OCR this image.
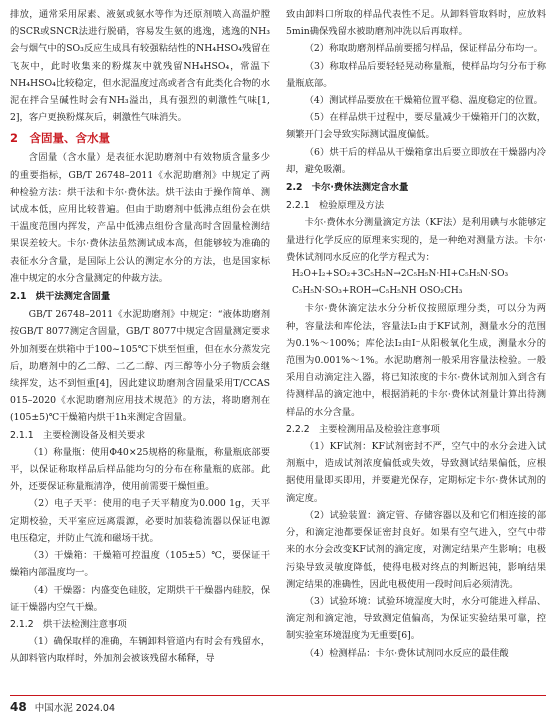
排放，通常采用尿素、液氨或氨水等作为还原剂喷入高温炉膛的SCR或SNCR法进行脱硝，容易发生氨的逃逸，逃逸的NH₃会与烟气中的SO₃反应生成具有较强粘结性的NH₄HSO₄残留在飞灰中，此时收集来的粉煤灰中就残留NH₄HSO₄，常温下NH₄HSO₄比较稳定，但水泥温度过高或者含有此类化合物的水泥在拌合呈碱性时会有NH₃溢出，具有强烈的刺激性气味[1, 2]，客户更换粉煤灰后，刺激性气味消失。

2　含固量、含水量

含固量（含水量）是表征水泥助磨剂中有效物质含量多少的重要指标，GB/T 26748–2011《水泥助磨剂》中规定了两种检验方法：烘干法和卡尔·费休法。烘干法由于操作简单、测试成本低，应用比较普遍。但由于助磨剂中低沸点组份会在烘干温度范围内挥发，产品中低沸点组份含量高时含固量检测结果误差较大。卡尔·费休法虽然测试成本高，但能够较为准确的表征水分含量，是国际上公认的测定水分的方法，也是国家标准中规定的水分含量测定的仲裁方法。

2.1　烘干法测定含固量

GB/T 26748–2011《水泥助磨剂》中规定：“液体助磨剂按GB/T 8077测定含固量，GB/T 8077中规定含固量测定要求外加剂要在烘箱中于100~105℃下烘至恒重，但在水分蒸发完后，助磨剂中的乙二醇、二乙二醇、丙三醇等小分子物质会继续挥发，达不到恒重[4]，因此建议助磨剂含固量采用T/CCAS 015–2020《水泥助磨剂应用技术规范》的方法，将助磨剂在(105±5)℃干燥箱内烘干1h来测定含固量。

2.1.1　主要检测设备及相关要求

（1）称量瓶：使用Φ40×25规格的称量瓶，称量瓶底部要平，以保证称取样品后样品能均匀的分布在称量瓶的底部。此外，还要保证称量瓶清净，使用前需要干燥恒重。

（2）电子天平：使用的电子天平精度为0.000 1g，天平定期校验，天平室应远离震源，必要时加装稳流器以保证电源电压稳定，并防止气流和磁场干扰。

（3）干燥箱：干燥箱可控温度（105±5）℃，要保证干燥箱内部温度均一。

（4）干燥器：内盛变色硅胶，定期烘干干燥器内硅胶，保证干燥器内空气干燥。

2.1.2　烘干法检测注意事项

（1）确保取样的准确，车辆卸料管道内有时会有残留水，从卸料管内取样时，外加剂会被该残留水稀释，导

致由卸料口所取的样品代表性不足。从卸料管取料时，应放料5min确保残留水被助磨剂冲洗以后再取样。

（2）称取助磨剂样品前要摇匀样品，保证样品分布均一。

（3）称取样品后要轻轻晃动称量瓶，使样品均匀分布于称量瓶底部。

（4）测试样品要放在干燥箱位置平稳、温度稳定的位置。

（5）在样品烘干过程中，要尽量减少干燥箱开门的次数，频繁开门会导致实际测试温度偏低。

（6）烘干后的样品从干燥箱拿出后要立即放在干燥器内冷却，避免吸潮。

2.2　卡尔·费休法测定含水量
2.2.1　检验原理及方法

卡尔·费休水分测量滴定方法（KF法）是利用碘与水能够定量进行化学反应的原理来实现的，是一种绝对测量方法。卡尔·费休试剂同水反应的化学方程式为：

H₂O+I₂+SO₂+3C₅H₅N→2C₅H₅N·HI+C₅H₅N·SO₃

C₅H₅N·SO₃+ROH→C₅H₅NH OSO₂CH₃

卡尔·费休滴定法水分分析仪按照原理分类，可以分为两种，容量法和库伦法，容量法I₂由于KF试剂，测量水分的范围为0.1%～100%；库伦法I₂由I⁻从阳极氧化生成，测量水分的范围为0.001%～1%。水泥助磨剂一般采用容量法检验。一般采用自动滴定注入器，将已知浓度的卡尔·费休试剂加入到含有待测样品的滴定池中，根据消耗的卡尔·费休试剂量计算出待测样品的水分含量。

2.2.2　主要检测用品及检验注意事项

（1）KF试剂：KF试剂密封不严，空气中的水分会进入试剂瓶中，造成试剂浓度偏低或失效，导致测试结果偏低，应根据使用量即买即用，并要避光保存，定期标定卡尔·费休试剂的滴定度。

（2）试验装置：滴定管、存储容器以及和它们相连接的部分，和滴定池都要保证密封良好。如果有空气进入，空气中带来的水分会改变KF试剂的滴定度，对测定结果产生影响；电极污染导致灵敏度降低，使得电极对终点的判断迟钝，影响结果测定结果的准确性，因此电极使用一段时间后必须清洗。

（3）试验环境：试验环境湿度大时，水分可能进入样品、滴定剂和滴定池，导致测定值偏高，为保证实验结果可靠，控制实验室环境湿度为无重要[6]。

（4）检测样品：卡尔·费休试剂同水反应的最佳酸

48 中国水泥 2024.04
